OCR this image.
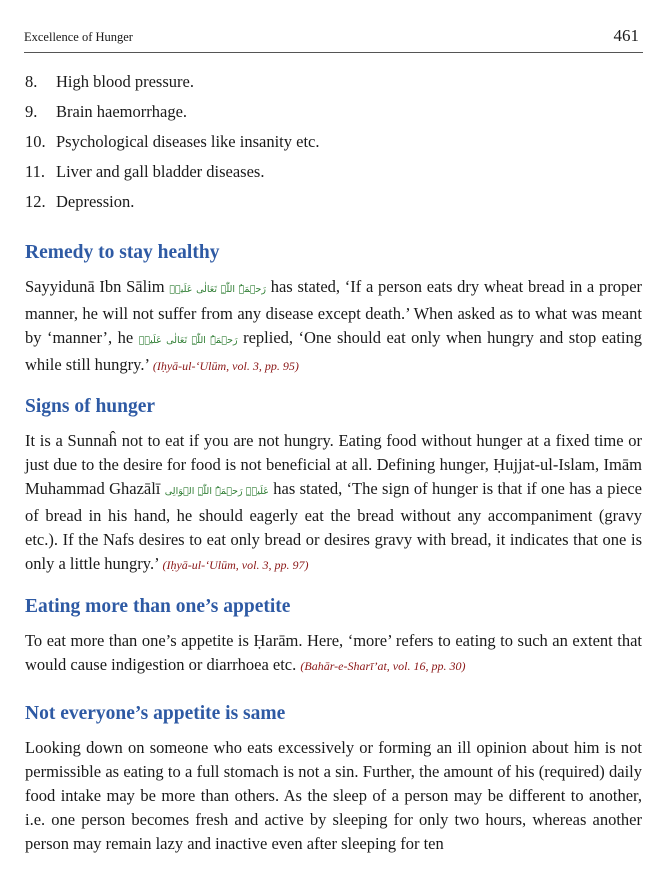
Excellence of Hunger	461
8. High blood pressure.
9. Brain haemorrhage.
10. Psychological diseases like insanity etc.
11. Liver and gall bladder diseases.
12. Depression.
Remedy to stay healthy
Sayyidunā Ibn Sālim رَحۡمَۃُ اللّٰہِ تَعَالٰی عَلَیۡہ has stated, ‘If a person eats dry wheat bread in a proper manner, he will not suffer from any disease except death.’ When asked as to what was meant by ‘manner’, he رَحۡمَۃُ اللّٰہِ تَعَالٰی عَلَیۡہ replied, ‘One should eat only when hungry and stop eating while still hungry.’ (Iḥyā-ul-‘Ulūm, vol. 3, pp. 95)
Signs of hunger
It is a Sunnaĥ not to eat if you are not hungry. Eating food without hunger at a fixed time or just due to the desire for food is not beneficial at all. Defining hunger, Ḥujjat-ul-Islam, Imām Muhammad Ghazālī عَلَیۡہِ رَحۡمَۃُ اللّٰہِ الۡوَالِی has stated, ‘The sign of hunger is that if one has a piece of bread in his hand, he should eagerly eat the bread without any accompaniment (gravy etc.). If the Nafs desires to eat only bread or desires gravy with bread, it indicates that one is only a little hungry.’ (Iḥyā-ul-‘Ulūm, vol. 3, pp. 97)
Eating more than one’s appetite
To eat more than one’s appetite is Ḥarām. Here, ‘more’ refers to eating to such an extent that would cause indigestion or diarrhoea etc. (Bahār-e-Sharī’at, vol. 16, pp. 30)
Not everyone’s appetite is same
Looking down on someone who eats excessively or forming an ill opinion about him is not permissible as eating to a full stomach is not a sin. Further, the amount of his (required) daily food intake may be more than others. As the sleep of a person may be different to another, i.e. one person becomes fresh and active by sleeping for only two hours, whereas another person may remain lazy and inactive even after sleeping for ten
